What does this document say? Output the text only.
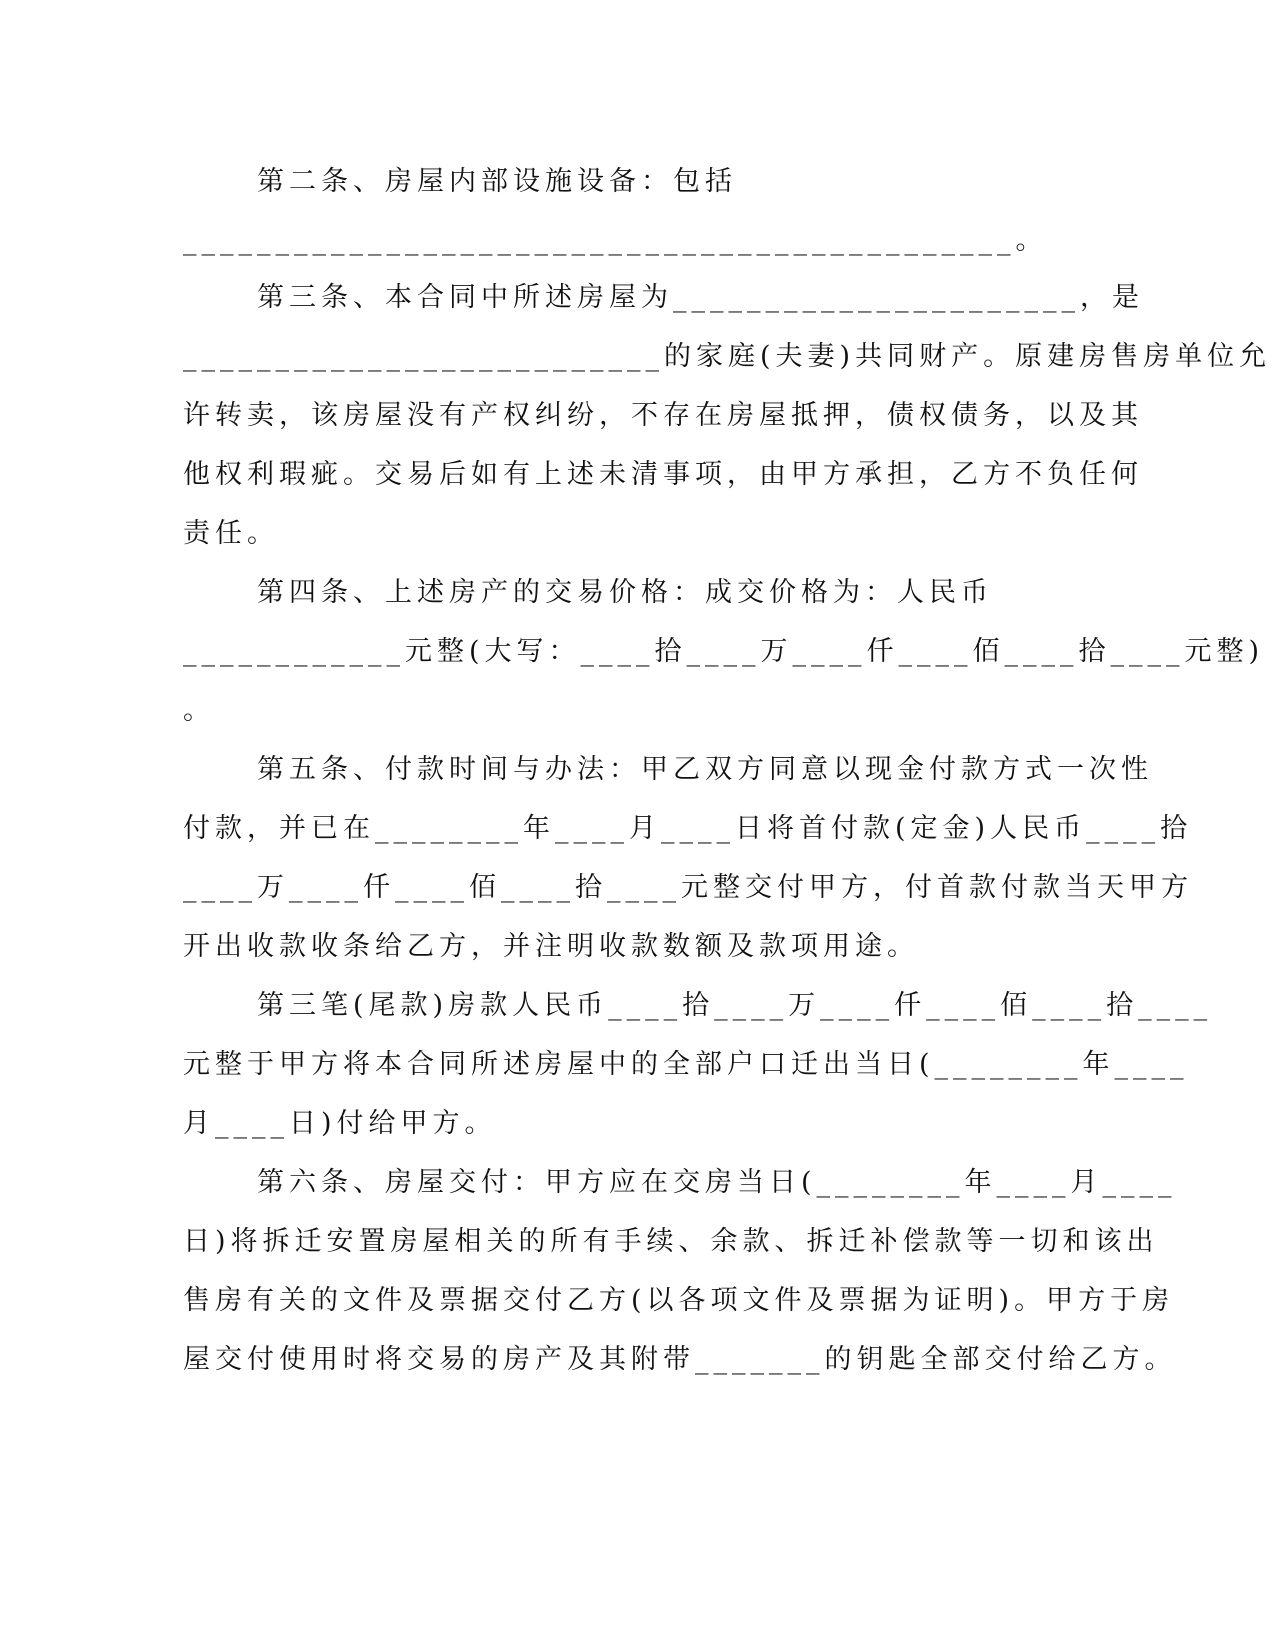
第二条、房屋内部设施设备：包括

_____________________________________________。

第三条、本合同中所述房屋为______________________，是

__________________________的家庭(夫妻)共同财产。原建房售房单位允

许转卖，该房屋没有产权纠纷，不存在房屋抵押，债权债务，以及其

他权利瑕疵。交易后如有上述未清事项，由甲方承担，乙方不负任何

责任。

第四条、上述房产的交易价格：成交价格为：人民币

____________元整(大写：____拾____万____仟____佰____拾____元整)

。

第五条、付款时间与办法：甲乙双方同意以现金付款方式一次性

付款，并已在________年____月____日将首付款(定金)人民币____拾

____万____仟____佰____拾____元整交付甲方，付首款付款当天甲方

开出收款收条给乙方，并注明收款数额及款项用途。

第三笔(尾款)房款人民币____拾____万____仟____佰____拾____

元整于甲方将本合同所述房屋中的全部户口迁出当日(________年____

月____日)付给甲方。

第六条、房屋交付：甲方应在交房当日(________年____月____

日)将拆迁安置房屋相关的所有手续、余款、拆迁补偿款等一切和该出

售房有关的文件及票据交付乙方(以各项文件及票据为证明)。甲方于房

屋交付使用时将交易的房产及其附带_______的钥匙全部交付给乙方。
